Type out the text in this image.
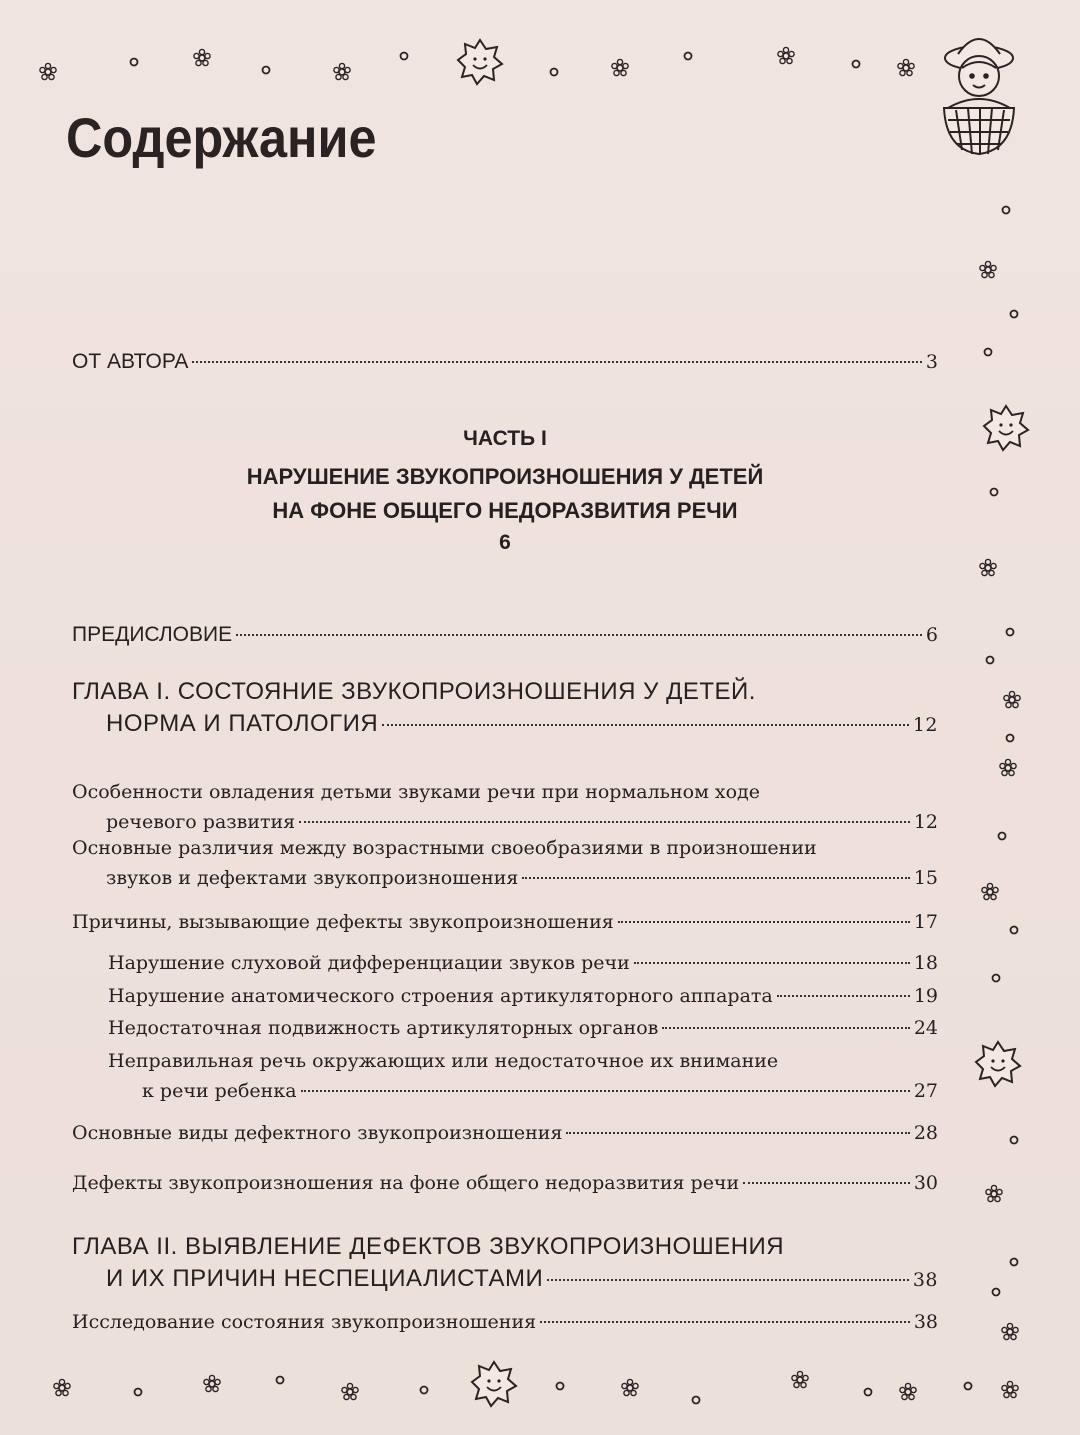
Содержание
ОТ АВТОРА	3
ЧАСТЬ I
НАРУШЕНИЕ ЗВУКОПРОИЗНОШЕНИЯ У ДЕТЕЙ
НА ФОНЕ ОБЩЕГО НЕДОРАЗВИТИЯ РЕЧИ
6
ПРЕДИСЛОВИЕ	6
ГЛАВА I. СОСТОЯНИЕ ЗВУКОПРОИЗНОШЕНИЯ У ДЕТЕЙ.
НОРМА И ПАТОЛОГИЯ	12
Особенности овладения детьми звуками речи при нормальном ходе
речевого развития	12
Основные различия между возрастными своеобразиями в произношении
звуков и дефектами звукопроизношения	15
Причины, вызывающие дефекты звукопроизношения	17
Нарушение слуховой дифференциации звуков речи	18
Нарушение анатомического строения артикуляторного аппарата	19
Недостаточная подвижность артикуляторных органов	24
Неправильная речь окружающих или недостаточное их внимание
к речи ребенка	27
Основные виды дефектного звукопроизношения	28
Дефекты звукопроизношения на фоне общего недоразвития речи	30
ГЛАВА II. ВЫЯВЛЕНИЕ ДЕФЕКТОВ ЗВУКОПРОИЗНОШЕНИЯ
И ИХ ПРИЧИН НЕСПЕЦИАЛИСТАМИ	38
Исследование состояния звукопроизношения	38
